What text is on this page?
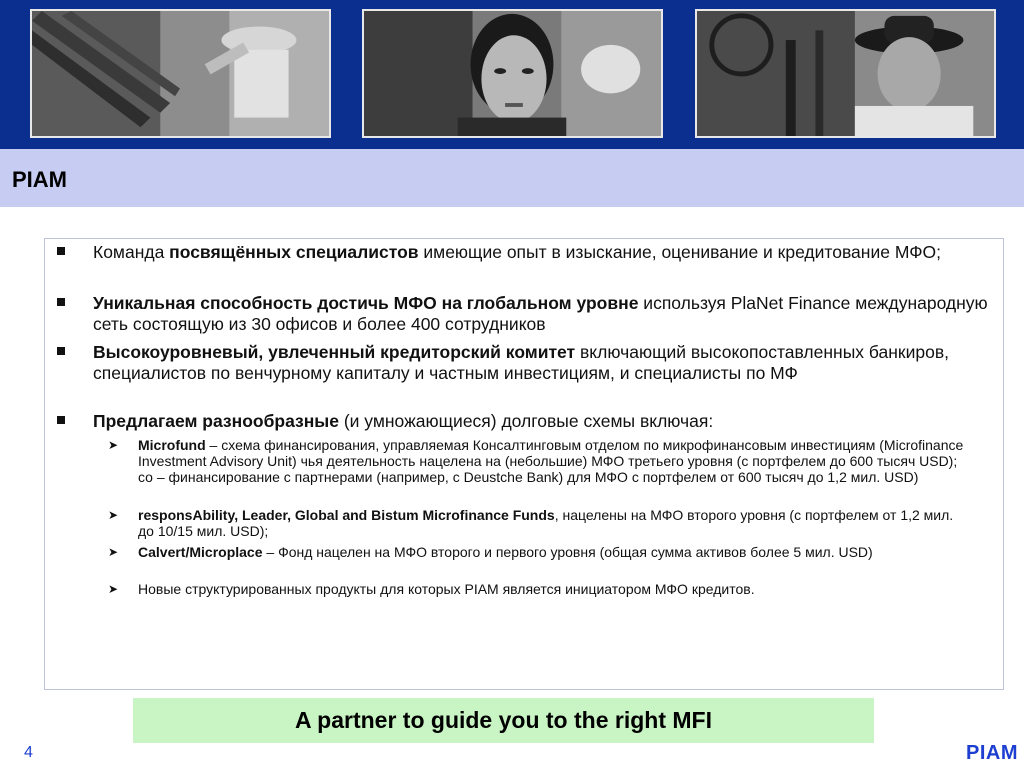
PIAM
Команда посвящённых специалистов имеющие опыт в изыскание, оценивание и кредитование МФО;
Уникальная способность достичь МФО на глобальном уровне используя PlaNet Finance международную сеть состоящую из 30 офисов и более 400 сотрудников
Высокоуровневый, увлеченный кредиторский комитет включающий высокопоставленных банкиров, специалистов по венчурному капиталу и частным инвестициям, и специалисты по МФ
Предлагаем разнообразные (и умножающиеся) долговые схемы включая:
➤ Microfund – схема финансирования, управляемая Консалтинговым отделом по микрофинансовым инвестициям (Microfinance Investment Advisory Unit) чья деятельность нацелена на (небольшие) МФО третьего уровня (с портфелем до 600 тысяч USD); со – финансирование с партнерами (например, с Deustche Bank) для МФО с портфелем от 600 тысяч до 1,2 мил. USD)
➤ responsAbility, Leader, Global and Bistum Microfinance Funds, нацелены на МФО второго уровня (с портфелем от 1,2 мил. до 10/15 мил. USD);
➤ Calvert/Microplace – Фонд нацелен на МФО второго и первого уровня (общая сумма активов более 5 мил. USD)
➤ Новые структурированных продукты для которых PIAM является инициатором МФО кредитов.
A partner to guide you to the right MFI
4	PIAM
